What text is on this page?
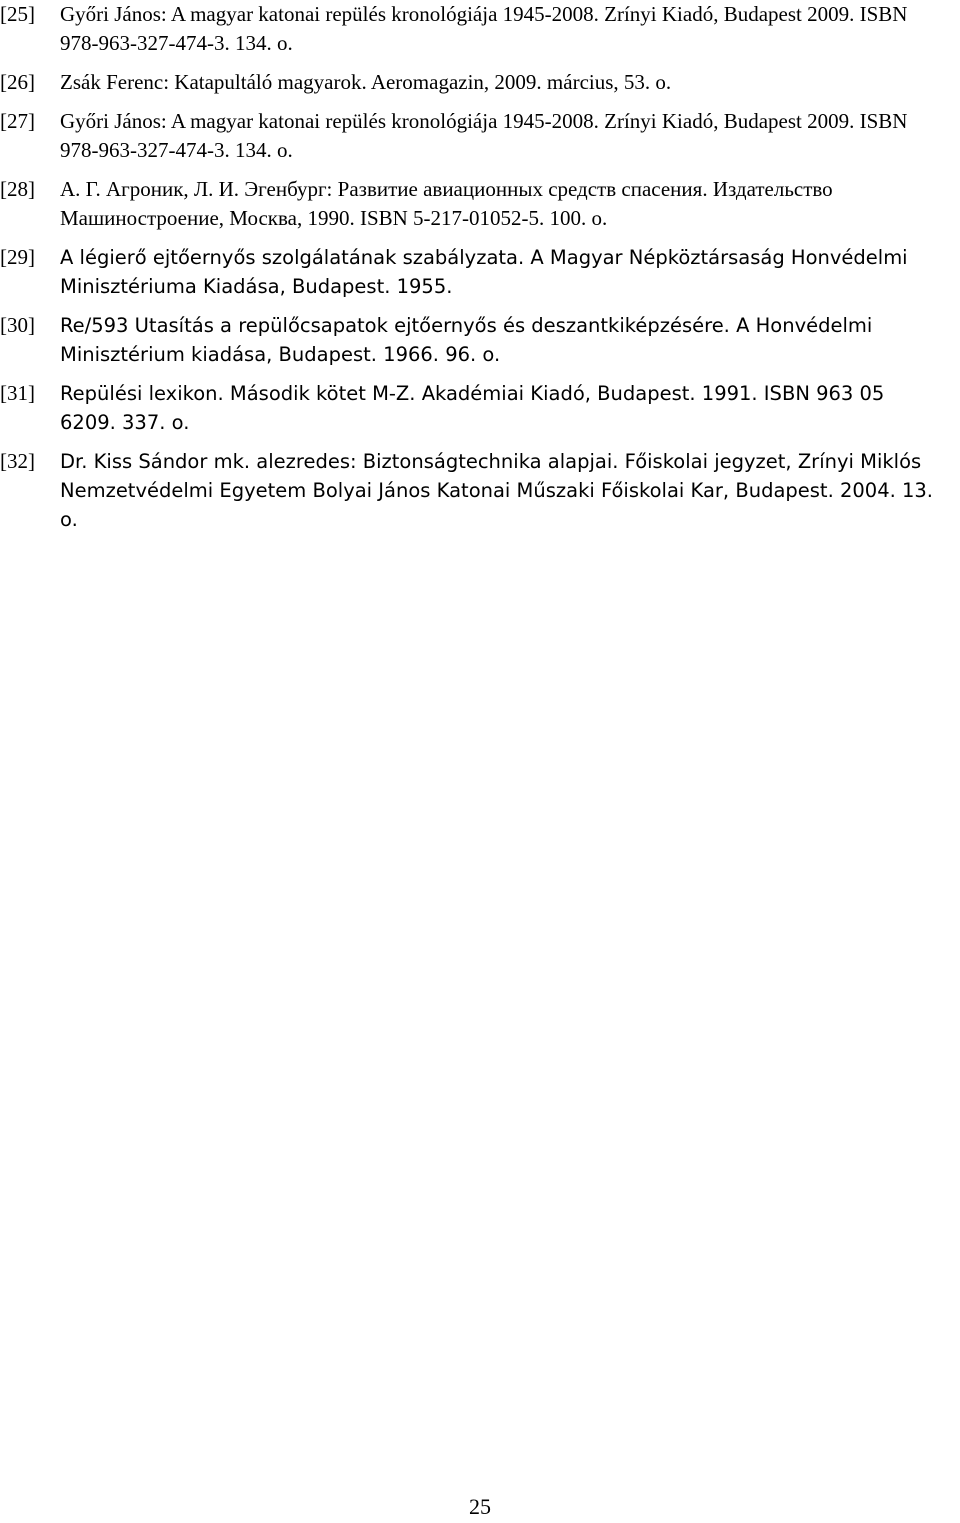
[25]	Győri János: A magyar katonai repülés kronológiája 1945-2008. Zrínyi Kiadó, Budapest 2009. ISBN 978-963-327-474-3. 134. o.
[26]	Zsák Ferenc: Katapultáló magyarok. Aeromagazin, 2009. március, 53. o.
[27]	Győri János: A magyar katonai repülés kronológiája 1945-2008. Zrínyi Kiadó, Budapest 2009. ISBN 978-963-327-474-3. 134. o.
[28]	А. Г. Агроник, Л. И. Эгенбург: Развитие авиационных средств спасения. Издательство Машиностроение, Москва, 1990. ISBN 5-217-01052-5. 100. o.
[29]	A légierő ejtőernyős szolgálatának szabályzata. A Magyar Népköztársaság Honvédelmi Minisztériuma Kiadása, Budapest. 1955.
[30]	Re/593 Utasítás a repülőcsapatok ejtőernyős és deszantkiképzésére. A Honvédelmi Minisztérium kiadása, Budapest. 1966. 96. o.
[31]	Repülési lexikon. Második kötet M-Z. Akadémiai Kiadó, Budapest. 1991. ISBN 963 05 6209. 337. o.
[32]	Dr. Kiss Sándor mk. alezredes: Biztonságtechnika alapjai. Főiskolai jegyzet, Zrínyi Miklós Nemzetvédelmi Egyetem Bolyai János Katonai Műszaki Főiskolai Kar, Budapest. 2004. 13. o.
25
